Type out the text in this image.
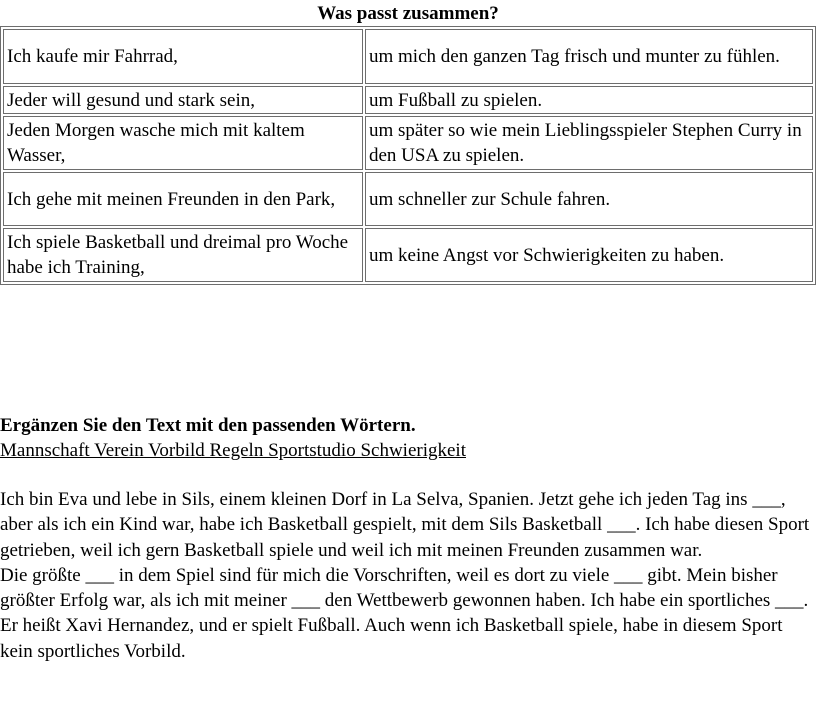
Was passt zusammen?
Ich kaufe mir Fahrrad,	um mich den ganzen Tag frisch und munter zu fühlen.
Jeder will gesund und stark sein,	um Fußball zu spielen.
Jeden Morgen wasche mich mit kaltem Wasser,	um später so wie mein Lieblingsspieler Stephen Curry in den USA zu spielen.
Ich gehe mit meinen Freunden in den Park,	um schneller zur Schule fahren.
Ich spiele Basketball und dreimal pro Woche habe ich Training,	um keine Angst vor Schwierigkeiten zu haben.
Ergänzen Sie den Text mit den passenden Wörtern.
Mannschaft Verein Vorbild Regeln Sportstudio Schwierigkeit

Ich bin Eva und lebe in Sils, einem kleinen Dorf in La Selva, Spanien. Jetzt gehe ich jeden Tag ins ___, aber als ich ein Kind war, habe ich Basketball gespielt, mit dem Sils Basketball ___. Ich habe diesen Sport getrieben, weil ich gern Basketball spiele und weil ich mit meinen Freunden zusammen war.

Die größte ___ in dem Spiel sind für mich die Vorschriften, weil es dort zu viele ___ gibt. Mein bisher größter Erfolg war, als ich mit meiner ___ den Wettbewerb gewonnen haben. Ich habe ein sportliches ___. Er heißt Xavi Hernandez, und er spielt Fußball. Auch wenn ich Basketball spiele, habe in diesem Sport kein sportliches Vorbild.
